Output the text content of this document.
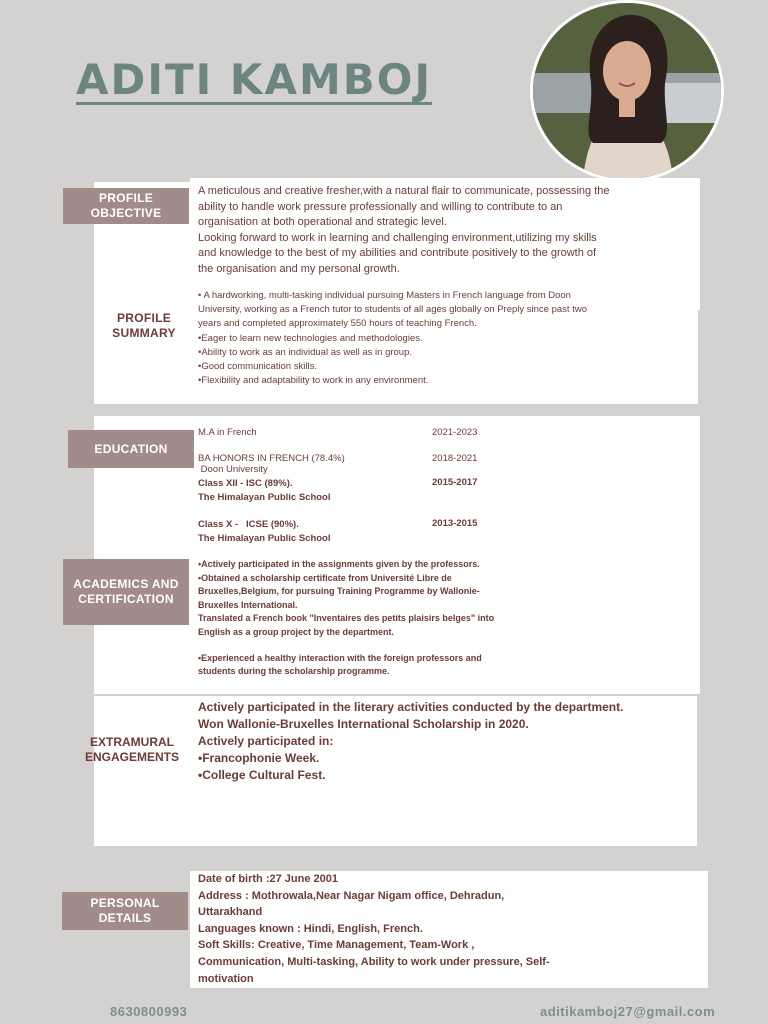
ADITI KAMBOJ
PROFILE OBJECTIVE
PROFILE SUMMARY
A meticulous and creative fresher,with a natural flair to communicate, possessing the
ability to handle work pressure professionally and willing to contribute to an
organisation at both operational and strategic level.
Looking forward to work in learning and challenging environment,utilizing my skills
and knowledge to the best of my abilities and contribute positively to the growth of
the organisation and my personal growth.
• A hardworking, multi-tasking individual pursuing Masters in French language from Doon
University, working as a French tutor to students of all ages globally on Preply since past two
years and completed approximately 550 hours of teaching French.
•Eager to learn new technologies and methodologies.
•Ability to work as an individual as well as in group.
•Good communication skills.
•Flexibility and adaptability to work in any environment.
EDUCATION
M.A in French	2021-2023
BA HONORS IN FRENCH (78.4%)
Doon University
2018-2021
Class XII - ISC (89%).
The Himalayan Public School
2015-2017
Class X -   ICSE (90%).
The Himalayan Public School
2013-2015
ACADEMICS AND CERTIFICATION
•Actively participated in the assignments given by the professors.
•Obtained a scholarship certificate from Université Libre de
Bruxelles,Belgium, for pursuing Training Programme by Wallonie-
Bruxelles International.
Translated a French book "Inventaires des petits plaisirs belges" into
English as a group project by the department.
•Experienced a healthy interaction with the foreign professors and
students during the scholarship programme.
EXTRAMURAL ENGAGEMENTS
Actively participated in the literary activities conducted by the department.
Won Wallonie-Bruxelles International Scholarship in 2020.
Actively participated in:
•Francophonie Week.
•College Cultural Fest.
PERSONAL DETAILS
Date of birth :27 June 2001
Address : Mothrowala,Near Nagar Nigam office, Dehradun,
Uttarakhand
Languages known : Hindi, English, French.
Soft Skills: Creative, Time Management, Team-Work ,
Communication, Multi-tasking, Ability to work under pressure, Self-
motivation
8630800993	aditikamboj27@gmail.com
